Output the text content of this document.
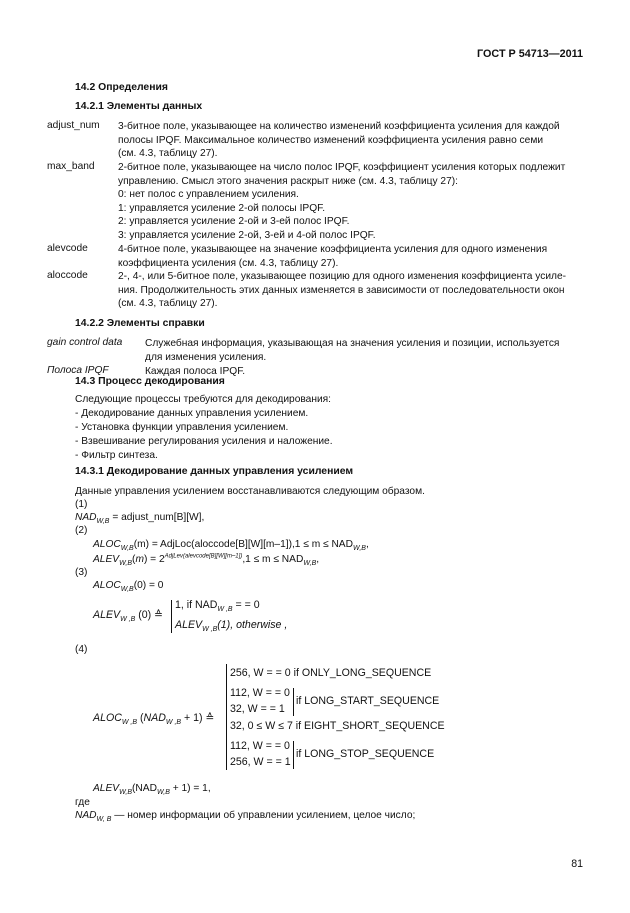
ГОСТ Р 54713—2011
14.2 Определения
14.2.1 Элементы данных
adjust_num 3-битное поле, указывающее на количество изменений коэффициента усиления для каждой
полосы IPQF. Максимальное количество изменений коэффициента усиления равно семи
(см. 4.3, таблицу 27).
max_band 2-битное поле, указывающее на число полос IPQF, коэффициент усиления которых подлежит
управлению. Смысл этого значения раскрыт ниже (см. 4.3, таблицу 27):
0: нет полос с управлением усиления.
1: управляется усиление 2-ой полосы IPQF.
2: управляется усиление 2-ой и 3-ей полос IPQF.
3: управляется усиление 2-ой, 3-ей и 4-ой полос IPQF.
alevcode	4-битное поле, указывающее на значение коэффициента усиления для одного изменения
коэффициента усиления (см. 4.3, таблицу 27).
aloccode	2-, 4-, или 5-битное поле, указывающее позицию для одного изменения коэффициента усиле-
ния. Продолжительность этих данных изменяется в зависимости от последовательности окон
(см. 4.3, таблицу 27).
14.2.2 Элементы справки
gain control data Служебная информация, указывающая на значения усиления и позиции, используется
для изменения усиления.
Полоса IPQF	Каждая полоса IPQF.
14.3 Процесс декодирования
Следующие процессы требуются для декодирования:
- Декодирование данных управления усилением.
- Установка функции управления усилением.
- Взвешивание регулирования усиления и наложение.
- Фильтр синтеза.
14.3.1 Декодирование данных управления усилением
Данные управления усилением восстанавливаются следующим образом.
(1)
$NAD_{W,B}$ = adjust_num[B][W],
(2)
$ALOC_{W,B}(m)$ = AdjLoc(aloccode[B][W][m–1]),1 ≤ $m \le NAD_{W,B}$,
$ALEV_{W,B}(m) = 2^{AdjLev(alevcode[B][W][m-1])},1 \le m \le NAD_{W,B}$,
(3)
$ALOC_{W,B}(0) = 0$
$ALEV_{W ,B}$ (0) ≙
1, if $NAD_{W ,B}$ = = 0
$ALEV_{W ,B}(1)$, otherwise ,
(4)
$ALOC_{W ,B}$ $(NAD_{W ,B} + 1)$ ≙
256, W = = 0 if ONLY_LONG_SEQUENCE
112, W = = 0
32, W = = 1
if LONG_START_SEQUENCE
32, 0 ≤ W ≤ 7 if EIGHT_SHORT_SEQUENCE
112, W = = 0
256, W = = 1
if LONG_STOP_SEQUENCE
$ALEV_{W,B}(NAD_{W,B} + 1) = 1$,
где
$NAD_{W, B}$ — номер информации об управлении усилением, целое число;
81
